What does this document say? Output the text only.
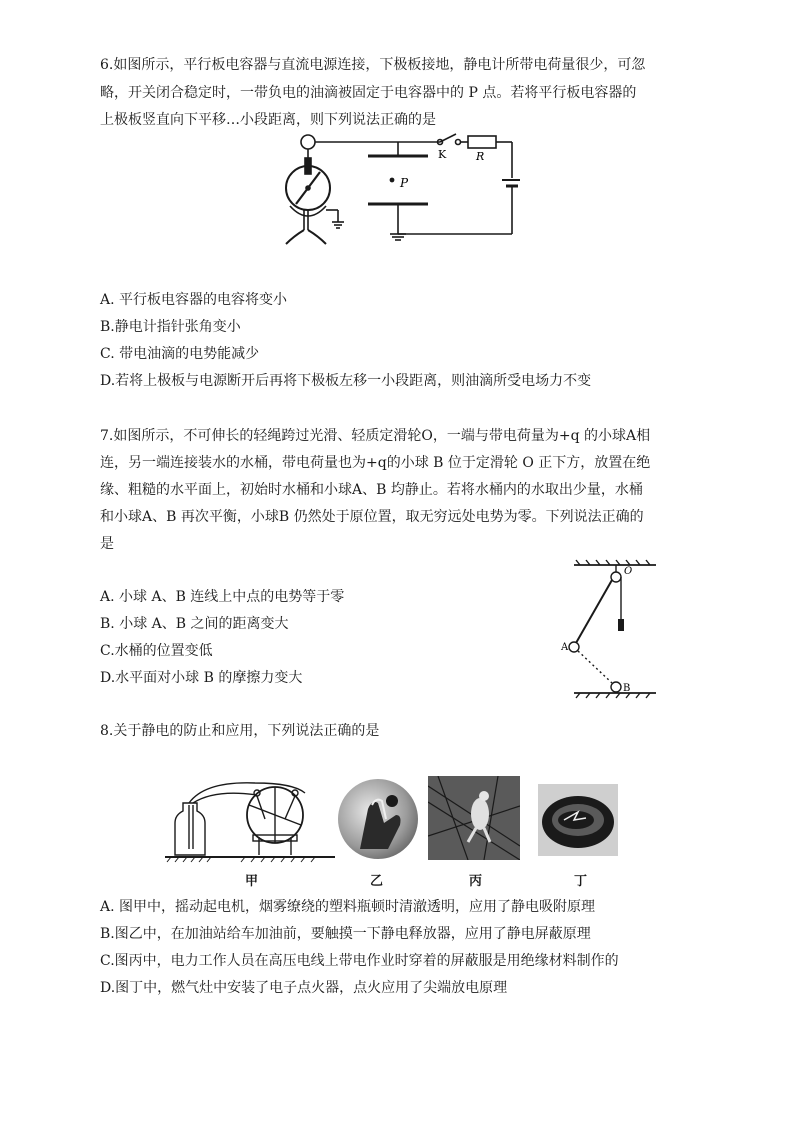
6.如图所示，平行板电容器与直流电源连接，下极板接地，静电计所带电荷量很少，可忽
略，开关闭合稳定时，一带负电的油滴被固定于电容器中的 P 点。若将平行板电容器的
上极板竖直向下平移…小段距离，则下列说法正确的是
P
K	R
A. 平行板电容器的电容将变小
B.静电计指针张角变小
C. 带电油滴的电势能减少
D.若将上极板与电源断开后再将下极板左移一小段距离，则油滴所受电场力不变
7.如图所示，不可伸长的轻绳跨过光滑、轻质定滑轮O，一端与带电荷量为+q 的小球A相
连，另一端连接装水的水桶，带电荷量也为+q的小球 B 位于定滑轮 O 正下方，放置在绝
缘、粗糙的水平面上，初始时水桶和小球A、B 均静止。若将水桶内的水取出少量，水桶
和小球A、B 再次平衡，小球B 仍然处于原位置，取无穷远处电势为零。下列说法正确的
是
O
A
B
A. 小球 A、B 连线上中点的电势等于零
B. 小球 A、B 之间的距离变大
C.水桶的位置变低
D.水平面对小球 B 的摩擦力变大
8.关于静电的防止和应用，下列说法正确的是
甲	乙	丙	丁
A. 图甲中，摇动起电机，烟雾缭绕的塑料瓶顿时清澈透明，应用了静电吸附原理
B.图乙中，在加油站给车加油前，要触摸一下静电释放器，应用了静电屏蔽原理
C.图丙中，电力工作人员在高压电线上带电作业时穿着的屏蔽服是用绝缘材料制作的
D.图丁中，燃气灶中安装了电子点火器，点火应用了尖端放电原理
